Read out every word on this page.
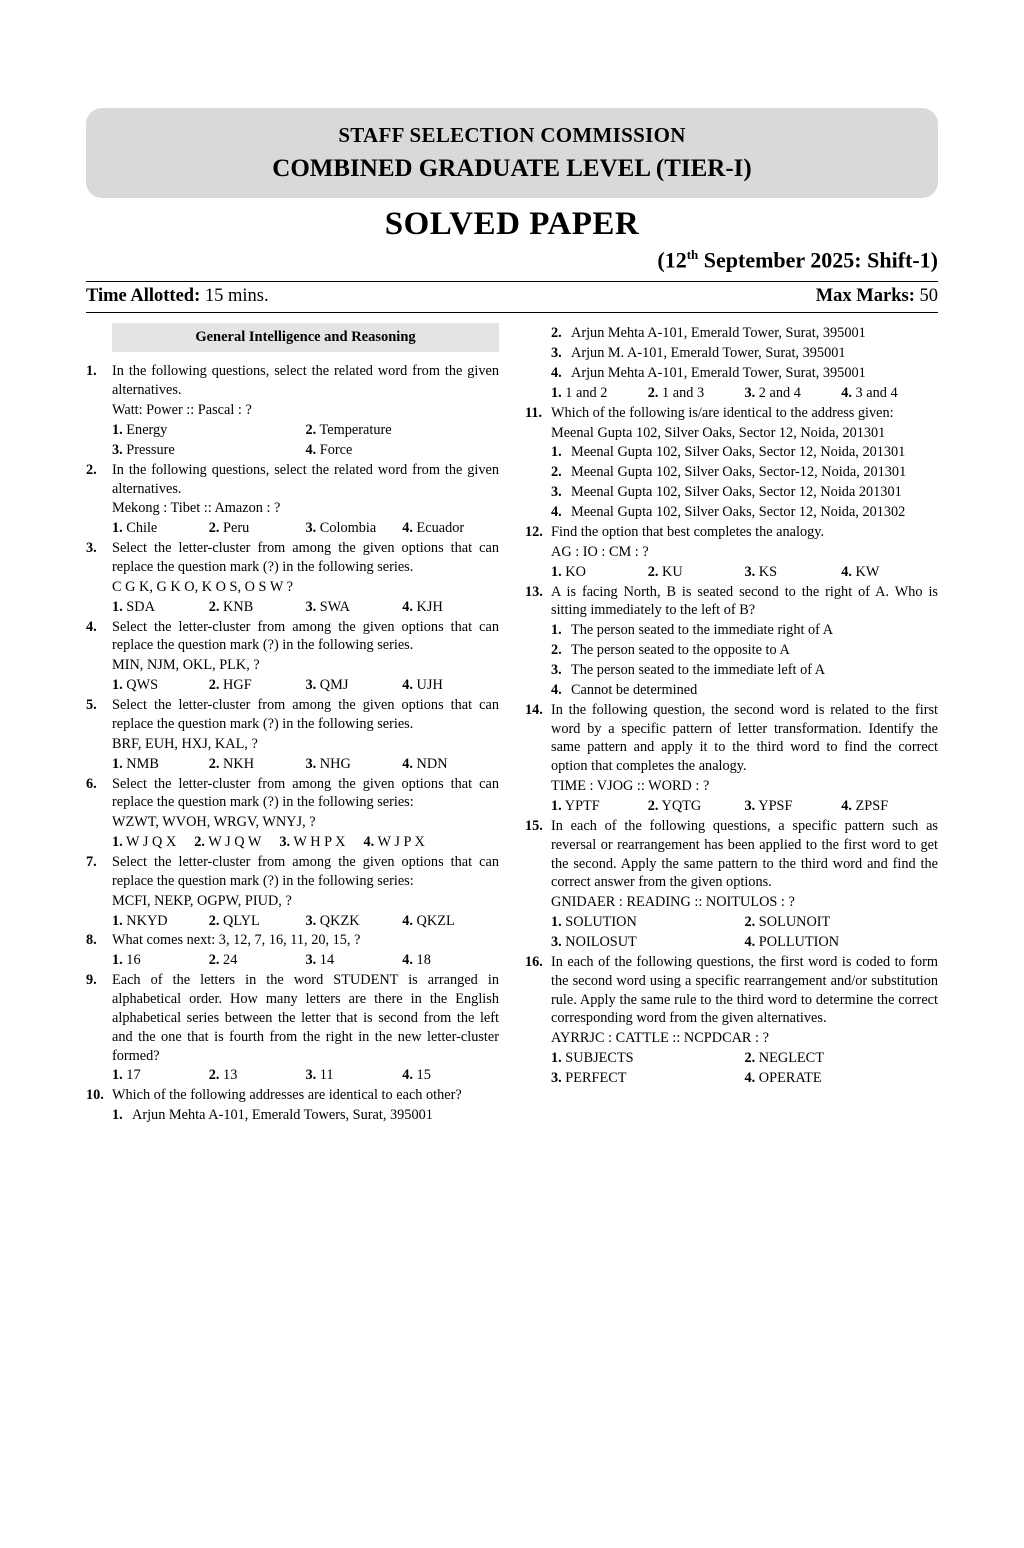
STAFF SELECTION COMMISSION
COMBINED GRADUATE LEVEL (TIER-I)
SOLVED PAPER
(12th September 2025: Shift-1)
Time Allotted: 15 mins.	Max Marks: 50
General Intelligence and Reasoning
1.	In the following questions, select the related word from the given alternatives.
Watt: Power :: Pascal : ?
1. Energy	2. Temperature
3. Pressure	4. Force
2.	In the following questions, select the related word from the given alternatives.
Mekong : Tibet :: Amazon : ?
1. Chile	2. Peru	3. Colombia	4. Ecuador
3.	Select the letter-cluster from among the given options that can replace the question mark (?) in the following series.
C G K, G K O, K O S, O S W ?
1. SDA	2. KNB	3. SWA	4. KJH
4.	Select the letter-cluster from among the given options that can replace the question mark (?) in the following series.
MIN, NJM, OKL, PLK, ?
1. QWS	2. HGF	3. QMJ	4. UJH
5.	Select the letter-cluster from among the given options that can replace the question mark (?) in the following series.
BRF, EUH, HXJ, KAL, ?
1. NMB	2. NKH	3. NHG	4. NDN
6.	Select the letter-cluster from among the given options that can replace the question mark (?) in the following series:
WZWT, WVOH, WRGV, WNYJ, ?
1. W J Q X 2. W J Q W 3. W H P X 4. W J P X
7.	Select the letter-cluster from among the given options that can replace the question mark (?) in the following series:
MCFI, NEKP, OGPW, PIUD, ?
1. NKYD	2. QLYL	3. QKZK	4. QKZL
8.	What comes next: 3, 12, 7, 16, 11, 20, 15, ?
1. 16	2. 24	3. 14	4. 18
9.	Each of the letters in the word STUDENT is arranged in alphabetical order. How many letters are there in the English alphabetical series between the letter that is second from the left and the one that is fourth from the right in the new letter-cluster formed?
1. 17	2. 13	3. 11	4. 15
10. Which of the following addresses are identical to each other?
1. Arjun Mehta A-101, Emerald Towers, Surat, 395001
2. Arjun Mehta A-101, Emerald Tower, Surat, 395001
3. Arjun M. A-101, Emerald Tower, Surat, 395001
4. Arjun Mehta A-101, Emerald Tower, Surat, 395001
1. 1 and 2	2. 1 and 3	3. 2 and 4	4. 3 and 4
11. Which of the following is/are identical to the address given:
Meenal Gupta 102, Silver Oaks, Sector 12, Noida, 201301
1. Meenal Gupta 102, Silver Oaks, Sector 12, Noida, 201301
2. Meenal Gupta 102, Silver Oaks, Sector-12, Noida, 201301
3. Meenal Gupta 102, Silver Oaks, Sector 12, Noida 201301
4. Meenal Gupta 102, Silver Oaks, Sector 12, Noida, 201302
12. Find the option that best completes the analogy.
AG : IO : CM : ?
1. KO	2. KU	3. KS	4. KW
13. A is facing North, B is seated second to the right of A. Who is sitting immediately to the left of B?
1. The person seated to the immediate right of A
2. The person seated to the opposite to A
3. The person seated to the immediate left of A
4. Cannot be determined
14. In the following question, the second word is related to the first word by a specific pattern of letter transformation. Identify the same pattern and apply it to the third word to find the correct option that completes the analogy.
TIME : VJOG :: WORD : ?
1. YPTF	2. YQTG	3. YPSF	4. ZPSF
15. In each of the following questions, a specific pattern such as reversal or rearrangement has been applied to the first word to get the second. Apply the same pattern to the third word and find the correct answer from the given options.
GNIDAER : READING :: NOITULOS : ?
1. SOLUTION	2. SOLUNOIT
3. NOILOSUT	4. POLLUTION
16. In each of the following questions, the first word is coded to form the second word using a specific rearrangement and/or substitution rule. Apply the same rule to the third word to determine the correct corresponding word from the given alternatives.
AYRRJC : CATTLE :: NCPDCAR : ?
1. SUBJECTS	2. NEGLECT
3. PERFECT	4. OPERATE
